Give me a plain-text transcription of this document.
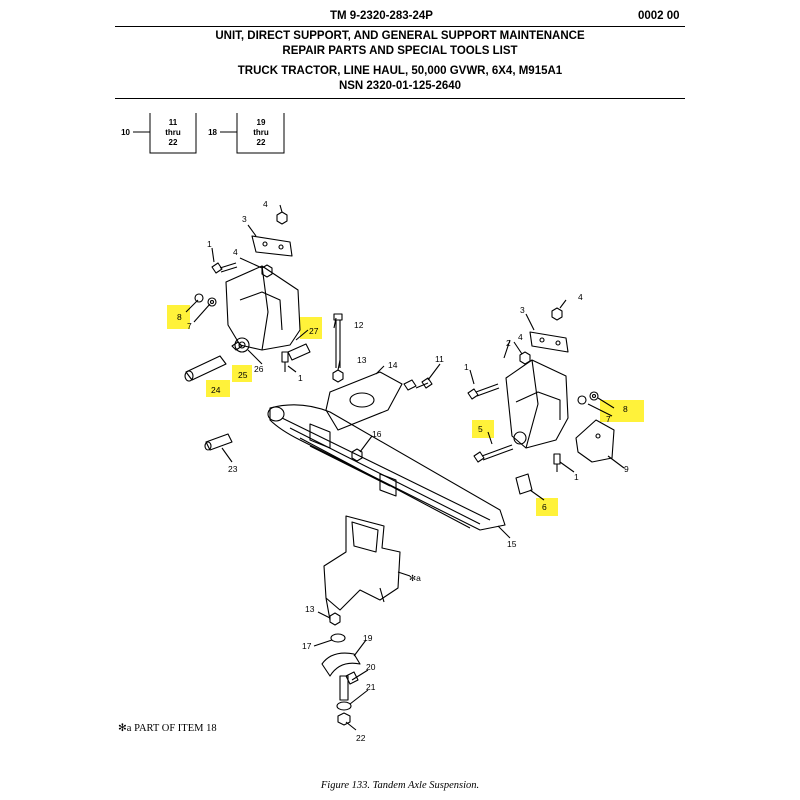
TM 9-2320-283-24P	0002 00
UNIT, DIRECT SUPPORT, AND GENERAL SUPPORT MAINTENANCE
REPAIR PARTS AND SPECIAL TOOLS LIST
TRUCK TRACTOR, LINE HAUL, 50,000 GVWR, 6X4, M915A1
NSN 2320-01-125-2640
10
11
thru
22
18
19
thru
22
4
3
1
4
8
7	27
25
26
1
24
12
13	14
11
16
23
4
3
4
2
1
8
7
5
6
1
9
15
✻a
13
17
19
20
21
22
✻a PART OF ITEM 18
Figure 133. Tandem Axle Suspension.
